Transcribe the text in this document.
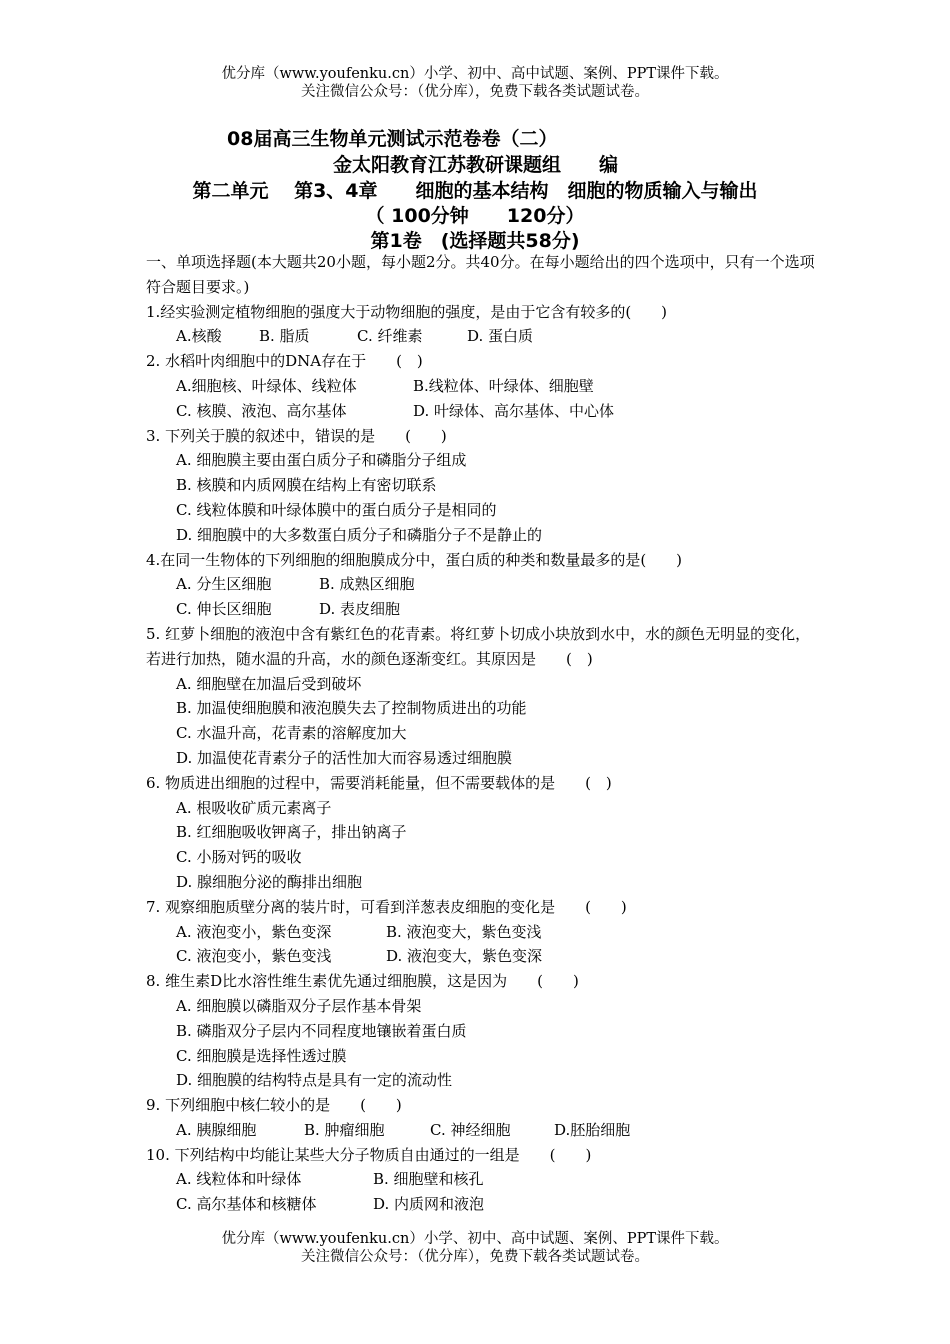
优分库（www.youfenku.cn）小学、初中、高中试题、案例、PPT课件下载。
关注微信公众号：（优分库），免费下载各类试题试卷。
08届高三生物单元测试示范卷卷（二）
金太阳教育江苏教研课题组　　编
第二单元　 第3、4章　　细胞的基本结构　细胞的物质输入与输出
（ 100分钟　　120分）
第1卷　(选择题共58分)
一、单项选择题(本大题共20小题，每小题2分。共40分。在每小题给出的四个选项中，只有一个选项符合题目要求。)
1.经实验测定植物细胞的强度大于动物细胞的强度，是由于它含有较多的(　　)
A.核酸 B. 脂质	C. 纤维素	D. 蛋白质
2. 水稻叶肉细胞中的DNA存在于　　(　)
A.细胞核、叶绿体、线粒体	B.线粒体、叶绿体、细胞壁
C. 核膜、液泡、高尔基体	D. 叶绿体、高尔基体、中心体
3. 下列关于膜的叙述中，错误的是　　(　　)
A. 细胞膜主要由蛋白质分子和磷脂分子组成
B. 核膜和内质网膜在结构上有密切联系
C. 线粒体膜和叶绿体膜中的蛋白质分子是相同的
D. 细胞膜中的大多数蛋白质分子和磷脂分子不是静止的
4.在同一生物体的下列细胞的细胞膜成分中，蛋白质的种类和数量最多的是(　　)
A. 分生区细胞	B. 成熟区细胞
C. 伸长区细胞	D. 表皮细胞
5. 红萝卜细胞的液泡中含有紫红色的花青素。将红萝卜切成小块放到水中，水的颜色无明显的变化，若进行加热，随水温的升高，水的颜色逐渐变红。其原因是　　(　)
A. 细胞壁在加温后受到破坏
B. 加温使细胞膜和液泡膜失去了控制物质进出的功能
C. 水温升高，花青素的溶解度加大
D. 加温使花青素分子的活性加大而容易透过细胞膜
6. 物质进出细胞的过程中，需要消耗能量，但不需要载体的是　　(　)
A. 根吸收矿质元素离子
B. 红细胞吸收钾离子，排出钠离子
C. 小肠对钙的吸收
D. 腺细胞分泌的酶排出细胞
7. 观察细胞质壁分离的装片时，可看到洋葱表皮细胞的变化是　　(　　)
A. 液泡变小，紫色变深	B. 液泡变大，紫色变浅
C. 液泡变小，紫色变浅	D. 液泡变大，紫色变深
8. 维生素D比水溶性维生素优先通过细胞膜，这是因为　　(　　)
A. 细胞膜以磷脂双分子层作基本骨架
B. 磷脂双分子层内不同程度地镶嵌着蛋白质
C. 细胞膜是选择性透过膜
D. 细胞膜的结构特点是具有一定的流动性
9. 下列细胞中核仁较小的是　　(　　)
A. 胰腺细胞	B. 肿瘤细胞	C. 神经细胞	D.胚胎细胞
10. 下列结构中均能让某些大分子物质自由通过的一组是　　(　　)
A. 线粒体和叶绿体	B. 细胞壁和核孔
C. 高尔基体和核糖体	D. 内质网和液泡
优分库（www.youfenku.cn）小学、初中、高中试题、案例、PPT课件下载。
关注微信公众号：（优分库），免费下载各类试题试卷。
